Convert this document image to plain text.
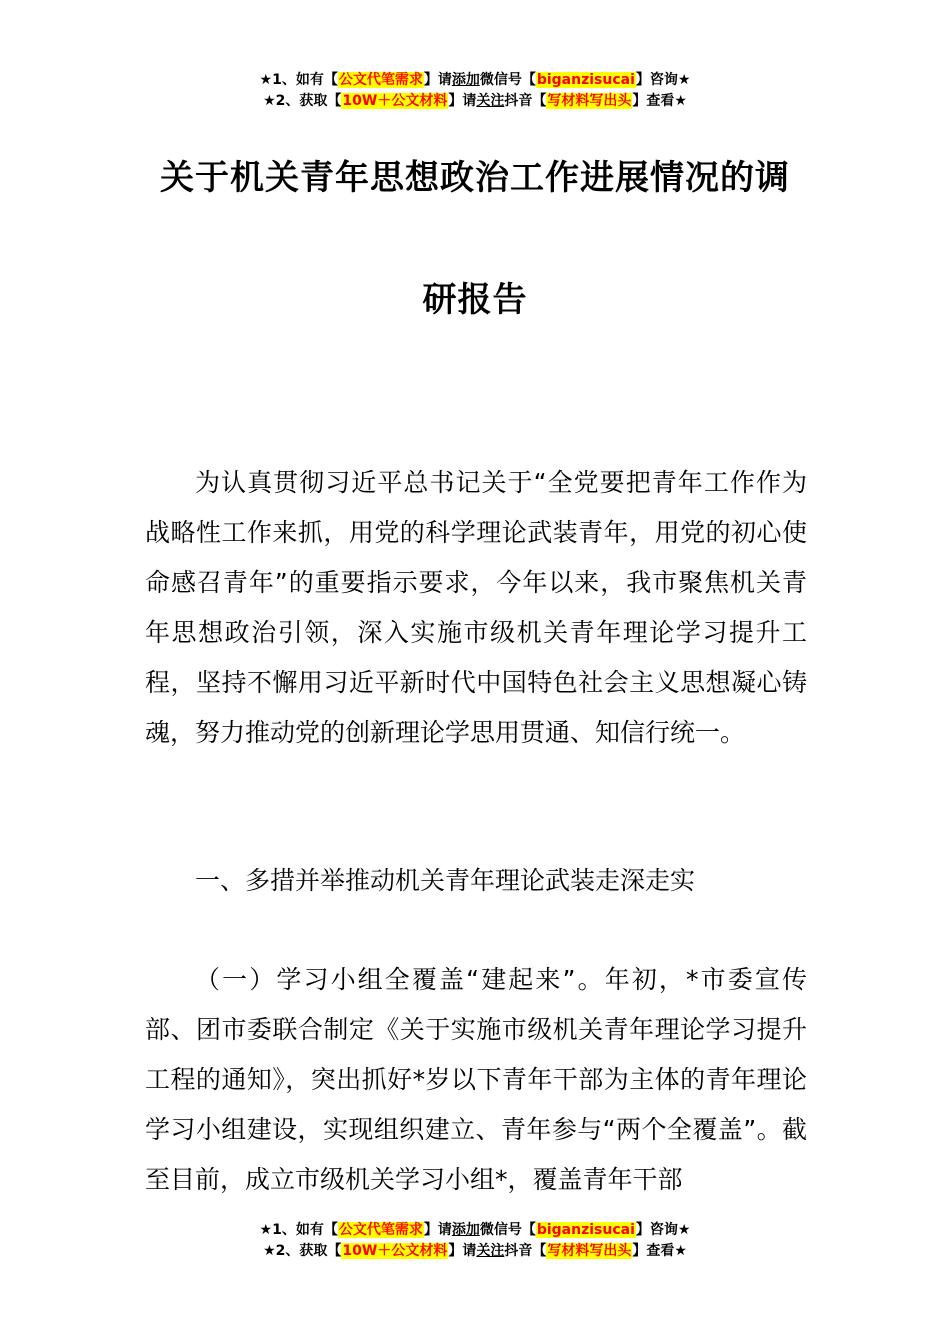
★1、如有【公文代笔需求】请添加微信号【biganzisucai】咨询★
★2、获取【10W＋公文材料】请关注抖音【写材料写出头】查看★
关于机关青年思想政治工作进展情况的调
研报告

为认真贯彻习近平总书记关于“全党要把青年工作作为战略性工作来抓，用党的科学理论武装青年，用党的初心使命感召青年”的重要指示要求，今年以来，我市聚焦机关青年思想政治引领，深入实施市级机关青年理论学习提升工程，坚持不懈用习近平新时代中国特色社会主义思想凝心铸魂，努力推动党的创新理论学思用贯通、知信行统一。

一、多措并举推动机关青年理论武装走深走实

（一）学习小组全覆盖“建起来”。年初，*市委宣传部、团市委联合制定《关于实施市级机关青年理论学习提升工程的通知》，突出抓好*岁以下青年干部为主体的青年理论学习小组建设，实现组织建立、青年参与“两个全覆盖”。截至目前，成立市级机关学习小组*，覆盖青年干部

★1、如有【公文代笔需求】请添加微信号【biganzisucai】咨询★
★2、获取【10W＋公文材料】请关注抖音【写材料写出头】查看★
